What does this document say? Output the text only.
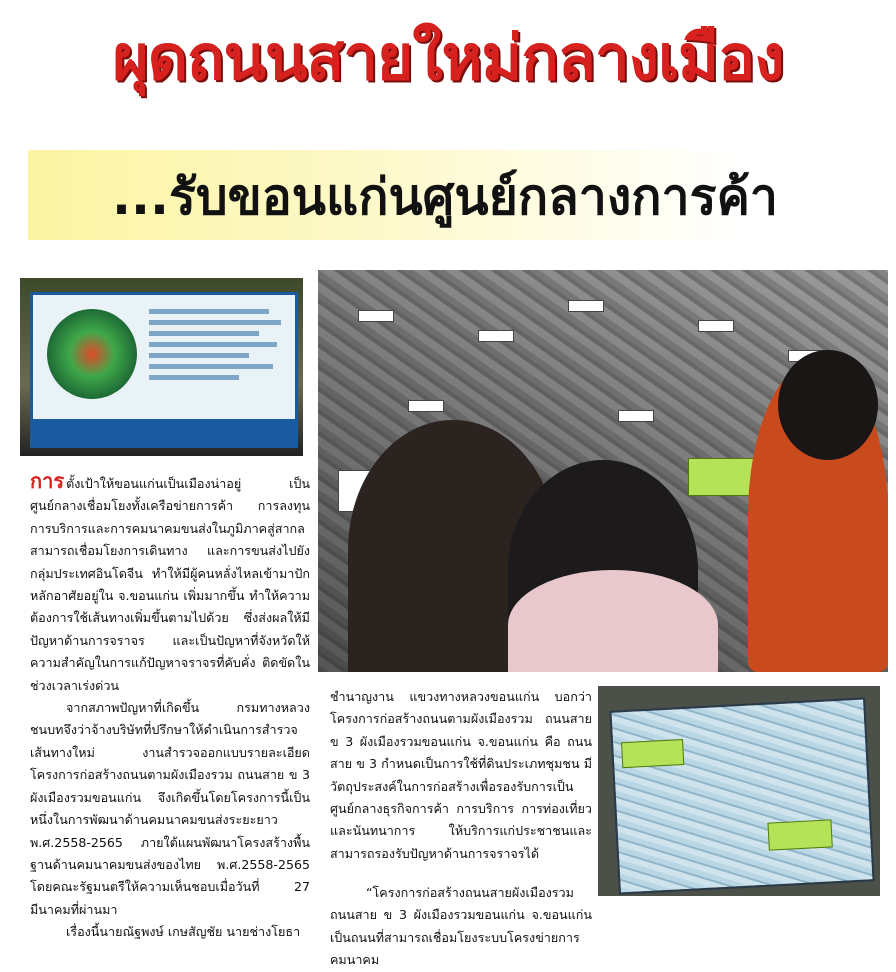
ผุดถนนสายใหม่กลางเมือง
...รับขอนแก่นศูนย์กลางการค้า

การ ตั้งเป้าให้ขอนแก่นเป็นเมืองน่าอยู่ เป็นศูนย์กลางเชื่อมโยงทั้งเครือข่ายการค้า การลงทุน การบริการและการคมนาคมขนส่งในภูมิภาคสู่สากล สามารถเชื่อมโยงการเดินทาง และการขนส่งไปยังกลุ่มประเทศอินโดจีน ทำให้มีผู้คนหลั่งไหลเข้ามาปักหลักอาศัยอยู่ใน จ.ขอนแก่น เพิ่มมากขึ้น ทำให้ความต้องการใช้เส้นทางเพิ่มขึ้นตามไปด้วย ซึ่งส่งผลให้มีปัญหาด้านการจราจร และเป็นปัญหาที่จังหวัดให้ความสำคัญในการแก้ปัญหาจราจรที่คับคั่ง ติดขัดในช่วงเวลาเร่งด่วน

จากสภาพปัญหาที่เกิดขึ้น กรมทางหลวงชนบทจึงว่าจ้างบริษัทที่ปรึกษาให้ดำเนินการสำรวจเส้นทางใหม่ งานสำรวจออกแบบรายละเอียดโครงการก่อสร้างถนนตามผังเมืองรวม ถนนสาย ข 3 ผังเมืองรวมขอนแก่น จึงเกิดขึ้นโดยโครงการนี้เป็นหนึ่งในการพัฒนาด้านคมนาคมขนส่งระยะยาว พ.ศ.2558-2565 ภายใต้แผนพัฒนาโครงสร้างพื้นฐานด้านคมนาคมขนส่งของไทย พ.ศ.2558-2565 โดยคณะรัฐมนตรีให้ความเห็นชอบเมื่อวันที่ 27 มีนาคมที่ผ่านมา

เรื่องนี้นายณัฐพงษ์ เกษสัญชัย นายช่างโยธา

ชำนาญงาน แขวงทางหลวงขอนแก่น บอกว่า โครงการก่อสร้างถนนตามผังเมืองรวม ถนนสาย ข 3 ผังเมืองรวมขอนแก่น จ.ขอนแก่น คือ ถนนสาย ข 3 กำหนดเป็นการใช้ที่ดินประเภทชุมชน มีวัตถุประสงค์ในการก่อสร้างเพื่อรองรับการเป็นศูนย์กลางธุรกิจการค้า การบริการ การท่องเที่ยว และนันทนาการ ให้บริการแก่ประชาชนและสามารถรองรับปัญหาด้านการจราจรได้

“โครงการก่อสร้างถนนสายผังเมืองรวม ถนนสาย ข 3 ผังเมืองรวมขอนแก่น จ.ขอนแก่น เป็นถนนที่สามารถเชื่อมโยงระบบโครงข่ายการคมนาคม
